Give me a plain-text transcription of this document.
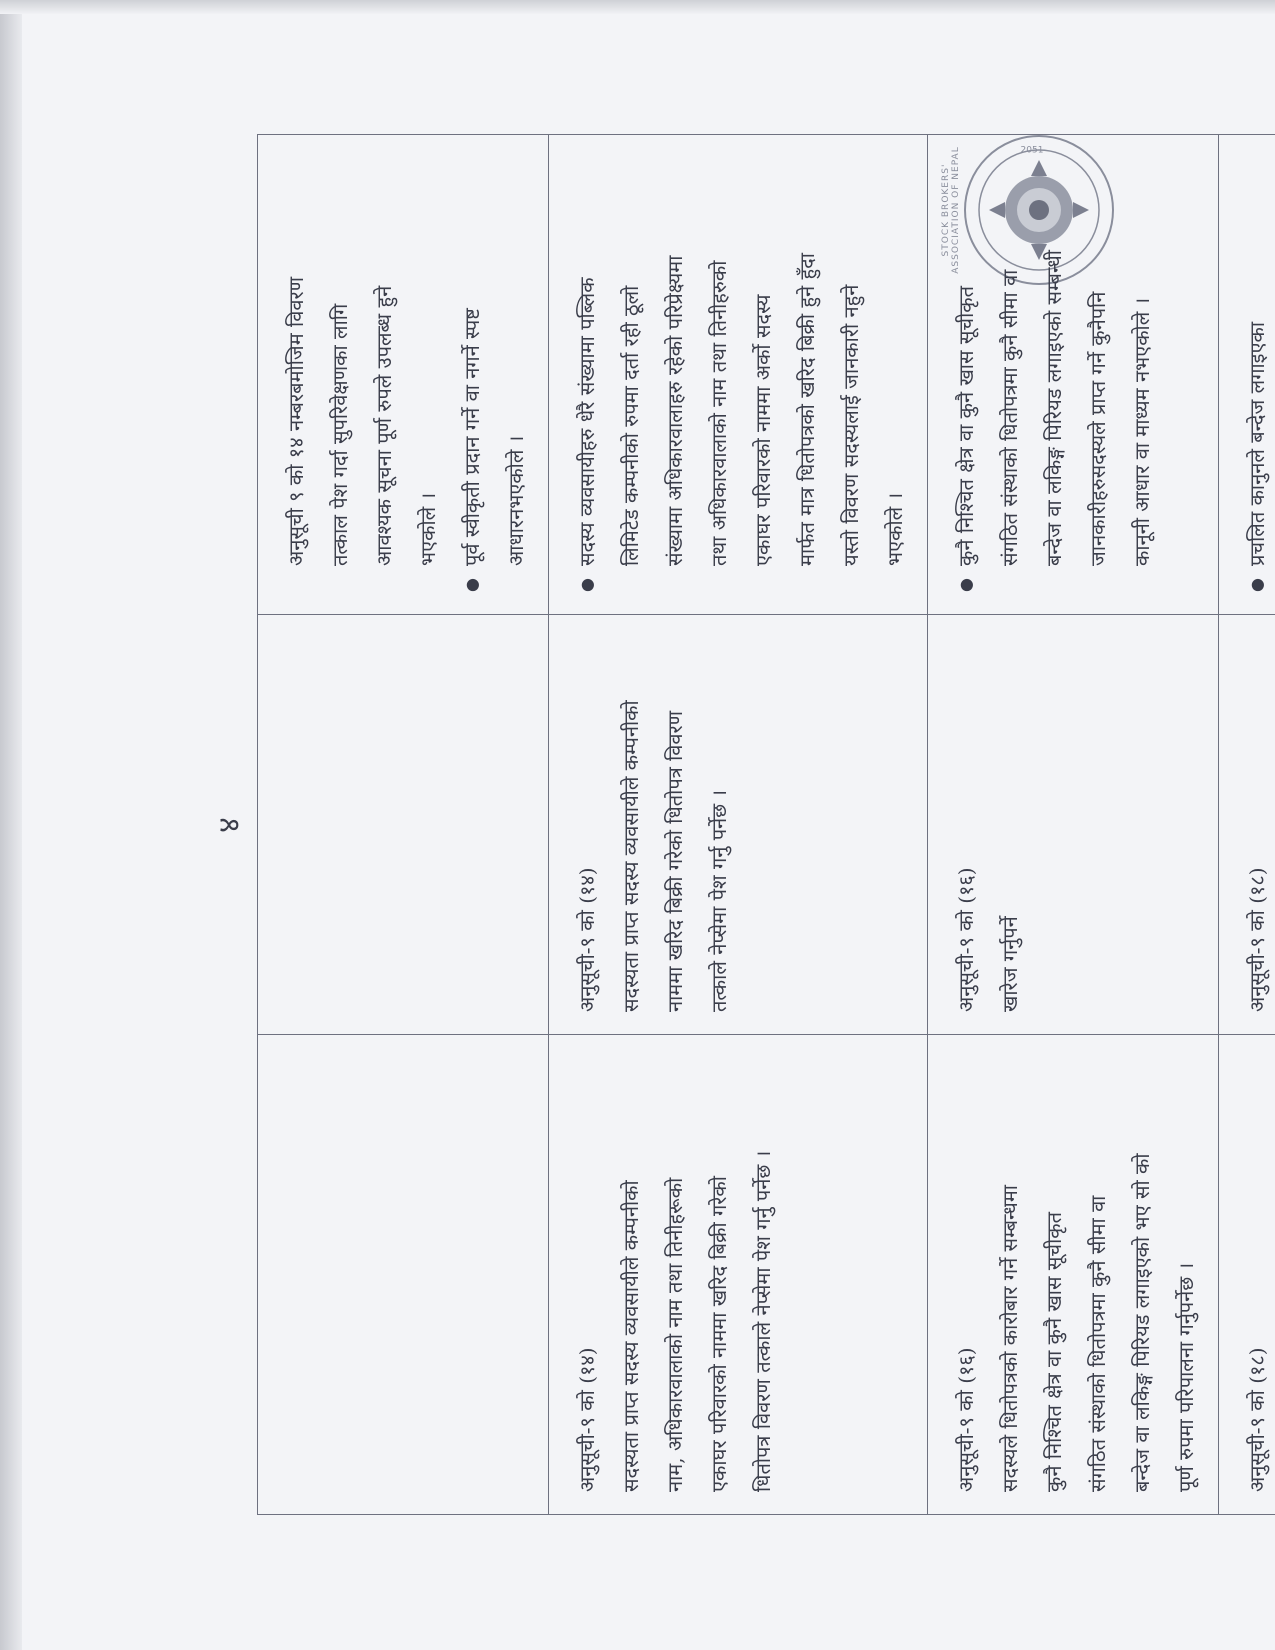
४
STOCK BROKERS' ASSOCIATION OF NEPAL	2051

अनुसूची ९ को १४ नम्बरबमोजिम विवरण	तत्काल पेश गर्दा सुपरिवेक्षणका लागि	आवश्यक सूचना पूर्ण रुपले उपलब्ध हुने	भएकोले ।
●	पूर्व स्वीकृती प्रदान गर्ने वा नगर्ने स्पष्ट	आधारनभएकोले ।

अनुसूची-९ को (१४)	सदस्यता प्राप्त सदस्य व्यवसायीले कम्पनीको	नाम, अधिकारवालाको नाम तथा तिनीहरूको	एकाघर परिवारको नाममा खरिद बिक्री गरेको	धितोपत्र विवरण तत्काले नेप्सेमा पेश गर्नु पर्नेछ ।

अनुसूची-९ को (१४)	सदस्यता प्राप्त सदस्य व्यवसायीले कम्पनीको	नाममा खरिद बिक्री गरेको धितोपत्र विवरण	तत्काले नेप्सेमा पेश गर्नु पर्नेछ ।

● सदस्य व्यवसायीहरु धेरै संख्यामा पब्लिक	लिमिटेड कम्पनीको रुपमा दर्ता रही ठूलो	संख्यामा अधिकारवालाहरु रहेको परिप्रेक्ष्यमा	तथा अधिकारवालाको नाम तथा तिनीहरुको	एकाघर परिवारको नाममा अर्को सदस्य	मार्फत मात्र धितोपत्रको खरिद बिक्री हुने हुँदा	यस्तो विवरण सदस्यलाई जानकारी नहुने	भएकोले ।

अनुसूची-९ को (१६)	सदस्यले धितोपत्रको कारोबार गर्ने सम्बन्धमा	कुनै निश्चित क्षेत्र वा कुनै खास सूचीकृत	संगठित संस्थाको धितोपत्रमा कुनै सीमा वा	बन्देज वा लकिङ्ग पिरियड लगाइएको भए सो को	पूर्ण रुपमा परिपालना गर्नुपर्नेछ ।

अनुसूची-९ को (१६)	खारेज गर्नुपर्ने

● कुनै निश्चित क्षेत्र वा कुनै खास सूचीकृत	संगठित संस्थाको धितोपत्रमा कुनै सीमा वा	बन्देज वा लकिङ्ग पिरियड लगाइएको सम्बन्धी	जानकारीहरुसदस्यले प्राप्त गर्ने कुनैपनि	कानूनी आधार वा माध्यम नभएकोले ।

अनुसूची-९ को (१८)

अनुसूची-९ को (१८)

● प्रचलित कानुनले बन्देज लगाइएका
